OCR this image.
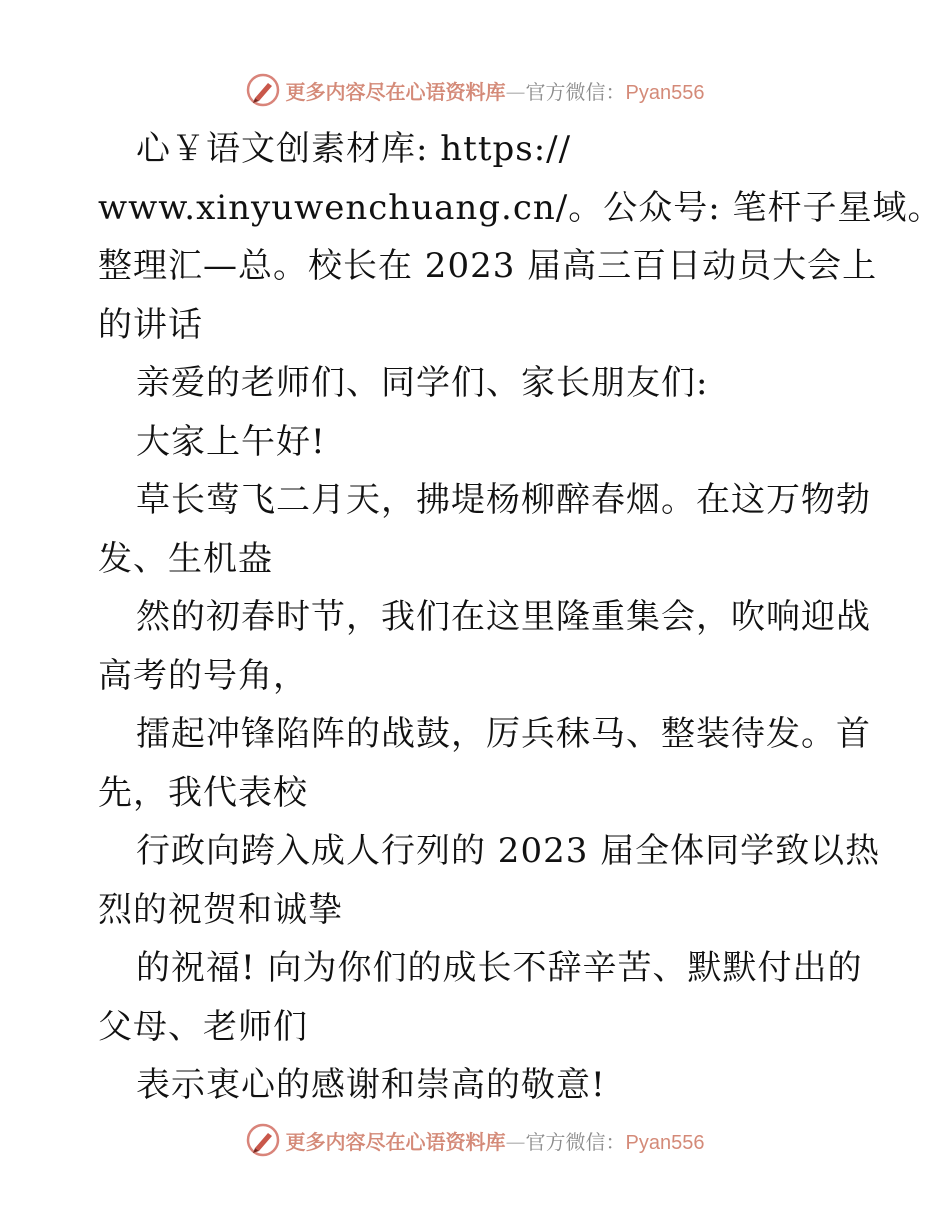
更多内容尽在心语资料库—官方微信：Pyan556
心￥语文创素材库: https://
www.xinyuwenchuang.cn/。公众号: 笔杆子星域。
整理汇—总。校长在 2023 届高三百日动员大会上
的讲话
亲爱的老师们、同学们、家长朋友们:
大家上午好!
草长莺飞二月天，拂堤杨柳醉春烟。在这万物勃
发、生机盎
然的初春时节，我们在这里隆重集会，吹响迎战
高考的号角，
擂起冲锋陷阵的战鼓，厉兵秣马、整装待发。首
先，我代表校
行政向跨入成人行列的 2023 届全体同学致以热
烈的祝贺和诚挚
的祝福! 向为你们的成长不辞辛苦、默默付出的
父母、老师们
表示衷心的感谢和崇高的敬意!
更多内容尽在心语资料库—官方微信：Pyan556
